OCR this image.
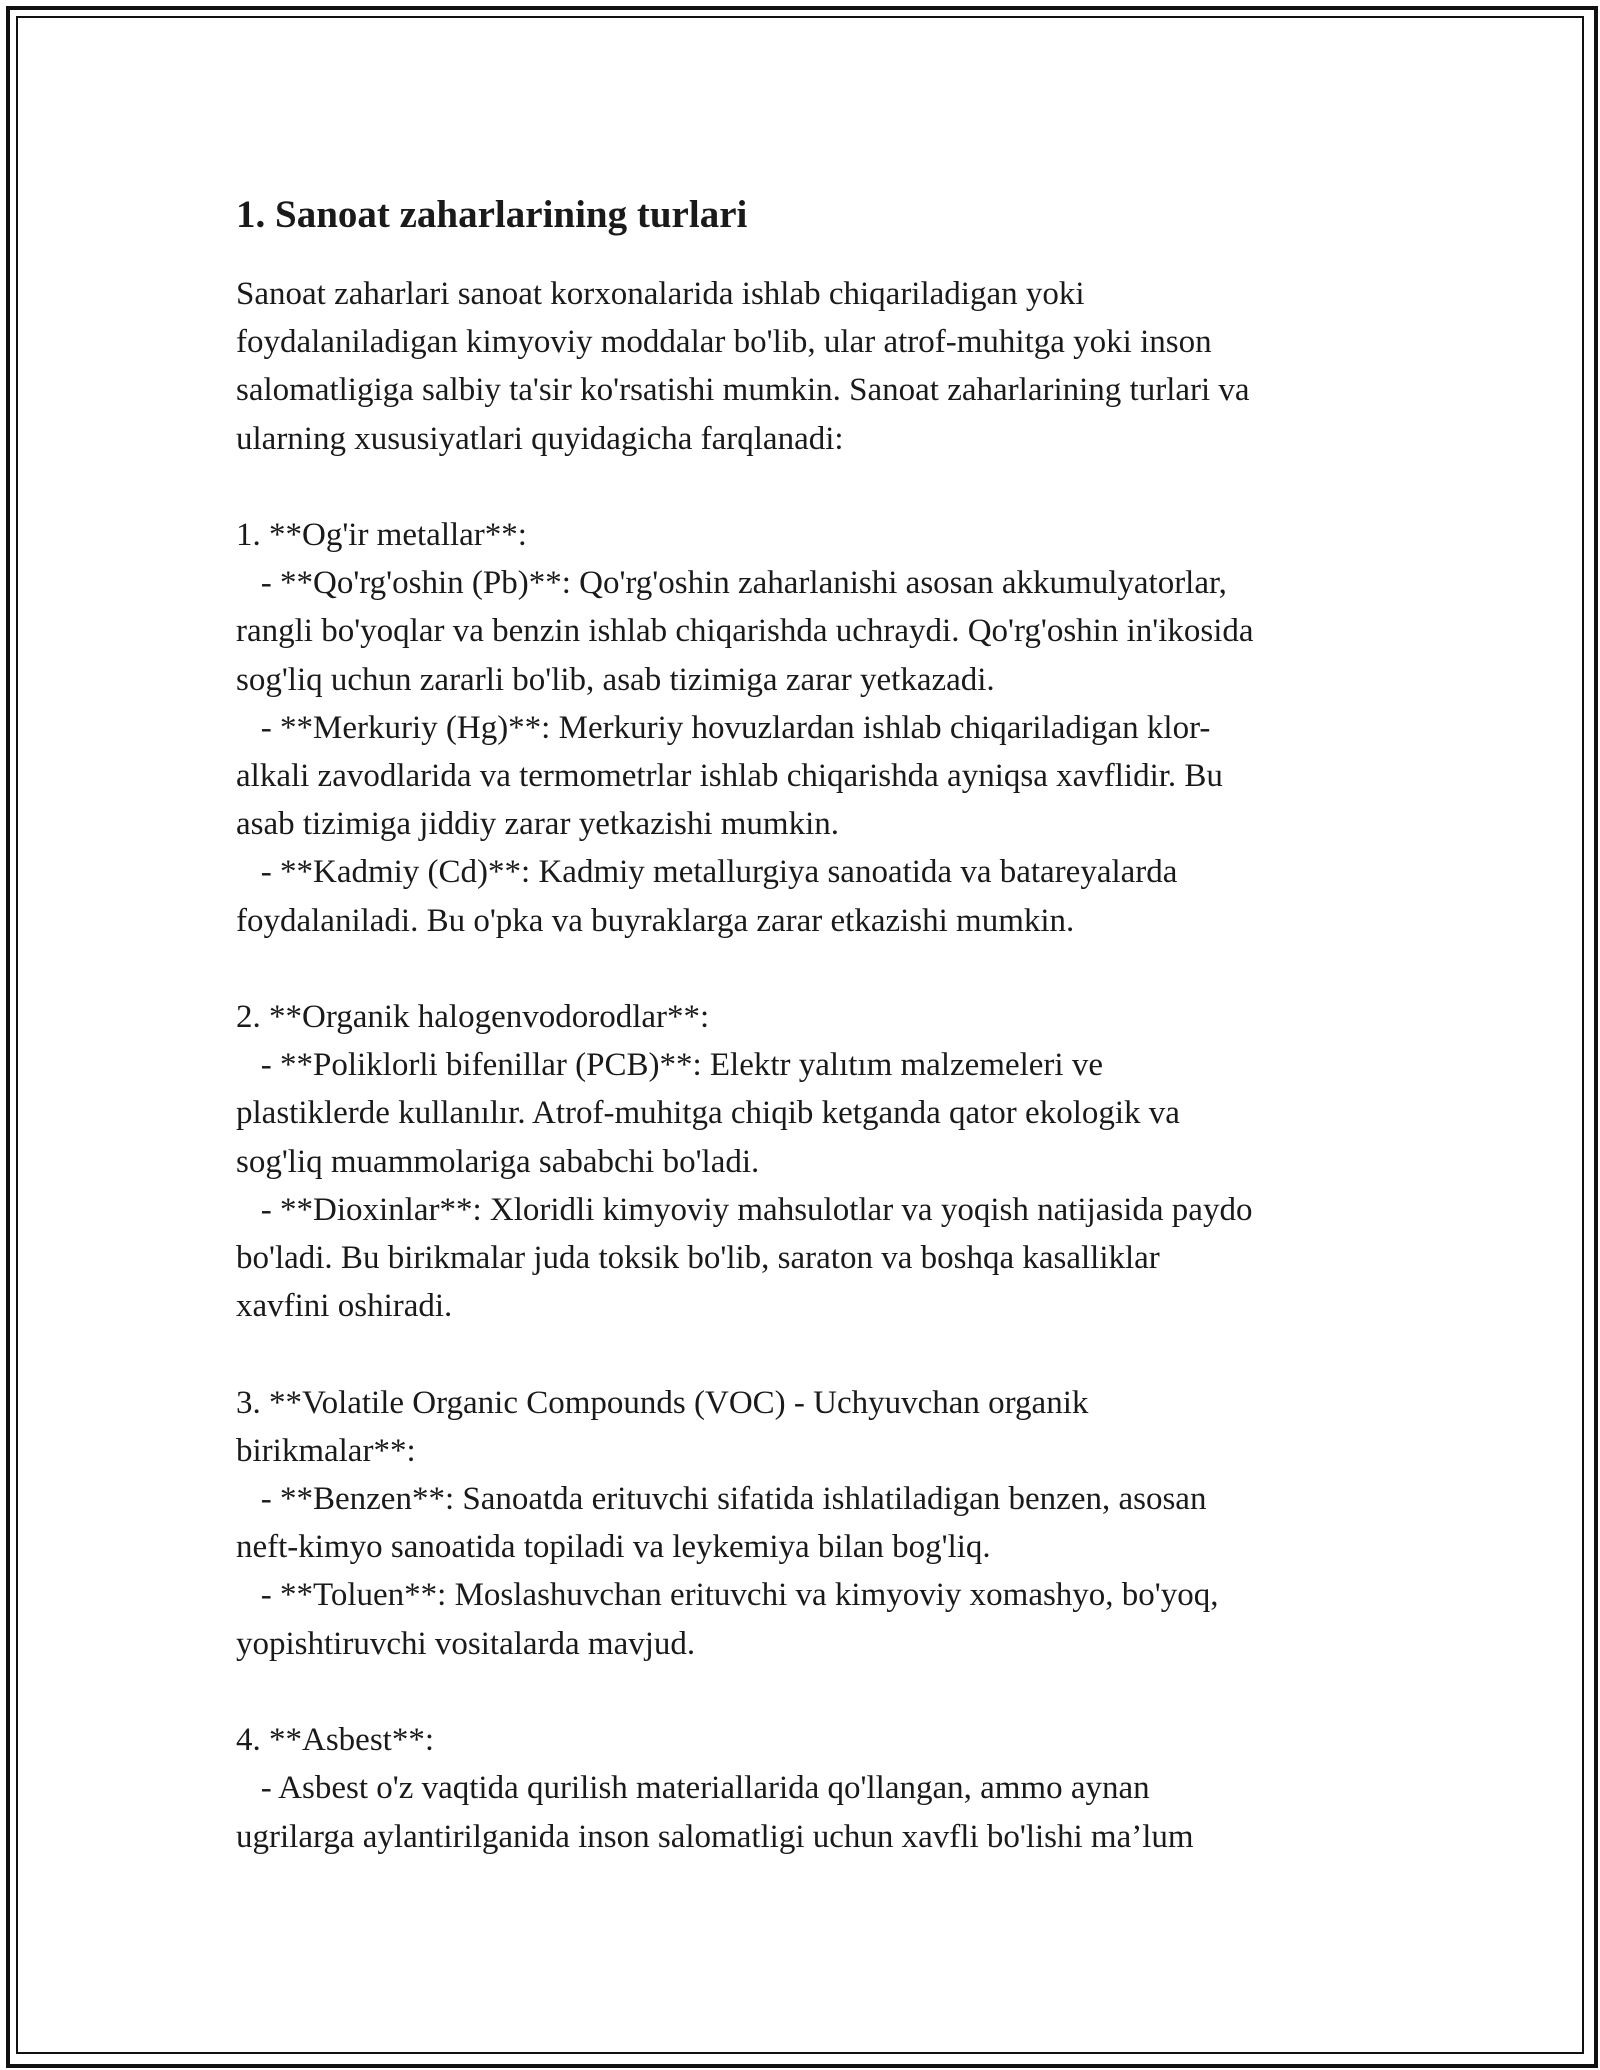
1. Sanoat zaharlarining turlari

Sanoat zaharlari sanoat korxonalarida ishlab chiqariladigan yoki
foydalaniladigan kimyoviy moddalar bo'lib, ular atrof-muhitga yoki inson
salomatligiga salbiy ta'sir ko'rsatishi mumkin. Sanoat zaharlarining turlari va
ularning xususiyatlari quyidagicha farqlanadi:

1. **Og'ir metallar**:
- **Qo'rg'oshin (Pb)**: Qo'rg'oshin zaharlanishi asosan akkumulyatorlar,
rangli bo'yoqlar va benzin ishlab chiqarishda uchraydi. Qo'rg'oshin in'ikosida
sog'liq uchun zararli bo'lib, asab tizimiga zarar yetkazadi.
- **Merkuriy (Hg)**: Merkuriy hovuzlardan ishlab chiqariladigan klor-
alkali zavodlarida va termometrlar ishlab chiqarishda ayniqsa xavflidir. Bu
asab tizimiga jiddiy zarar yetkazishi mumkin.
- **Kadmiy (Cd)**: Kadmiy metallurgiya sanoatida va batareyalarda
foydalaniladi. Bu o'pka va buyraklarga zarar etkazishi mumkin.

2. **Organik halogenvodorodlar**:
- **Poliklorli bifenillar (PCB)**: Elektr yalıtım malzemeleri ve
plastiklerde kullanılır. Atrof-muhitga chiqib ketganda qator ekologik va
sog'liq muammolariga sababchi bo'ladi.
- **Dioxinlar**: Xloridli kimyoviy mahsulotlar va yoqish natijasida paydo
bo'ladi. Bu birikmalar juda toksik bo'lib, saraton va boshqa kasalliklar
xavfini oshiradi.

3. **Volatile Organic Compounds (VOC) - Uchyuvchan organik
birikmalar**:
- **Benzen**: Sanoatda erituvchi sifatida ishlatiladigan benzen, asosan
neft-kimyo sanoatida topiladi va leykemiya bilan bog'liq.
- **Toluen**: Moslashuvchan erituvchi va kimyoviy xomashyo, bo'yoq,
yopishtiruvchi vositalarda mavjud.

4. **Asbest**:
- Asbest o'z vaqtida qurilish materiallarida qo'llangan, ammo aynan
ugrilarga aylantirilganida inson salomatligi uchun xavfli bo'lishi ma’lum
